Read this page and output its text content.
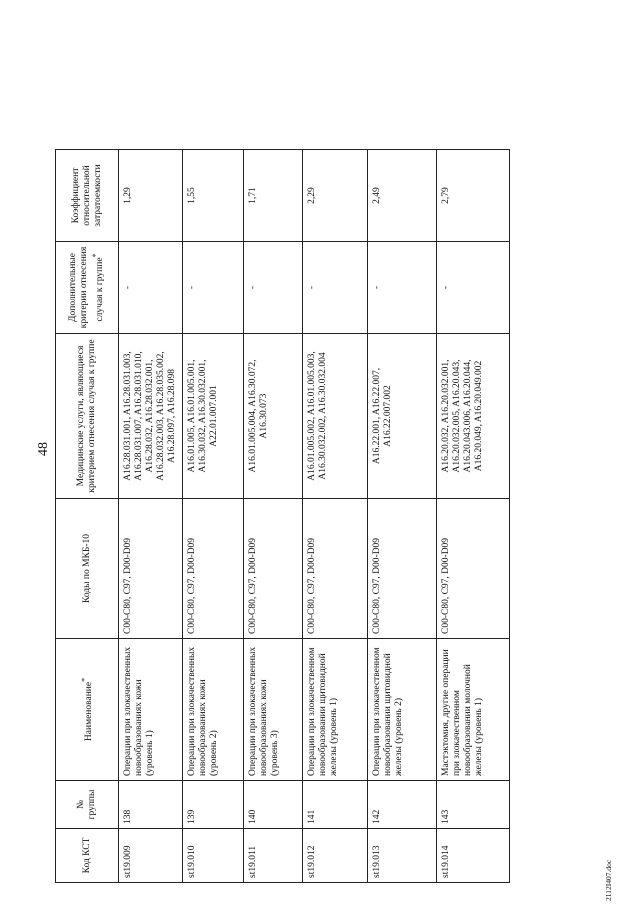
48
Код КСТ	№ группы	Наименование*	Коды по МКБ-10	Медицинские услуги, являющиеся критерием отнесения случая к группе	Дополнительные критерии отнесения случая к группе*	Коэффициент относительной затратоемкости
st19.009	138	Операции при злокачественных новообразованиях кожи (уровень 1)	C00-C80, C97, D00-D09	A16.28.031.001, A16.28.031.003, A16.28.031.007, A16.28.031.010, A16.28.032, A16.28.032.001, A16.28.032.003, A16.28.035.002, A16.28.097, A16.28.098	-	1,29
st19.010	139	Операции при злокачественных новообразованиях кожи (уровень 2)	C00-C80, C97, D00-D09	A16.01.005, A16.01.005.001, A16.30.032, A16.30.032.001, A22.01.007.001	-	1,55
st19.011	140	Операции при злокачественных новообразованиях кожи (уровень 3)	C00-C80, C97, D00-D09	A16.01.005.004, A16.30.072, A16.30.073	-	1,71
st19.012	141	Операции при злокачественном новообразовании щитовидной железы (уровень 1)	C00-C80, C97, D00-D09	A16.01.005.002, A16.01.005.003, A16.30.032.002, A16.30.032.004	-	2,29
st19.013	142	Операции при злокачественном новообразовании щитовидной железы (уровень 2)	C00-C80, C97, D00-D09	A16.22.001, A16.22.007, A16.22.007.002	-	2,49
st19.014	143	Мастэктомия, другие операции при злокачественном новообразовании молочной железы (уровень 1)	C00-C80, C97, D00-D09	A16.20.032, A16.20.032.001, A16.20.032.005, A16.20.043, A16.20.043.006, A16.20.044, A16.20.049, A16.20.049.002	-	2,79
2112I407.doc
